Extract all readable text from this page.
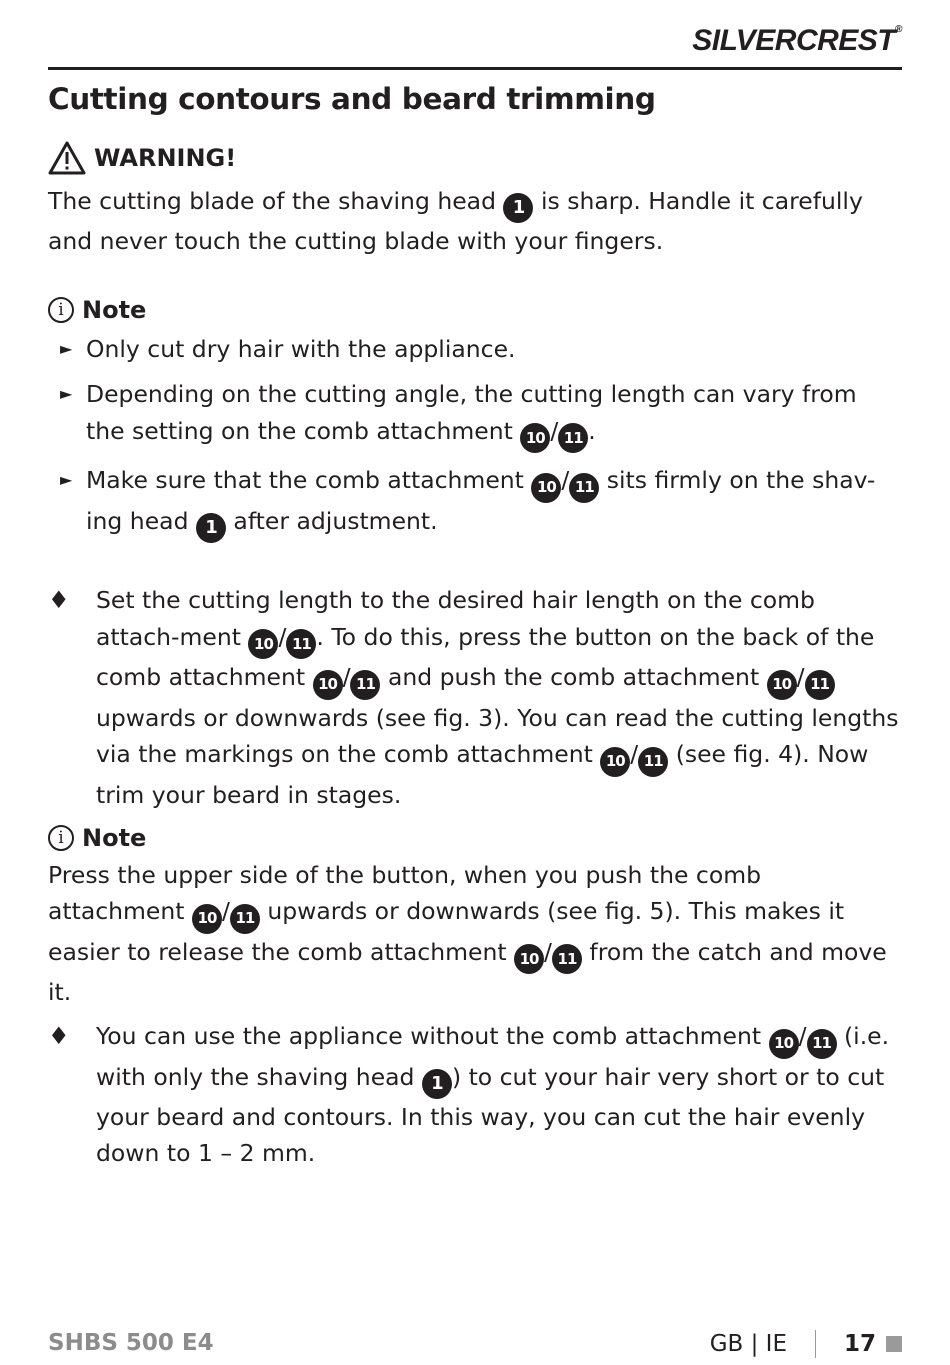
SILVERCREST®
Cutting contours and beard trimming
WARNING!

The cutting blade of the shaving head 1 is sharp. Handle it carefully and never touch the cutting blade with your fingers.

i Note
► Only cut dry hair with the appliance.
► Depending on the cutting angle, the cutting length can vary from the setting on the comb attachment 10 / 11 .
► Make sure that the comb attachment 10 / 11 sits firmly on the shav-ing head 1 after adjustment.

♦ Set the cutting length to the desired hair length on the comb attach-ment 10 / 11 . To do this, press the button on the back of the comb attachment 10 / 11 and push the comb attachment 10 / 11 upwards or downwards (see fig. 3). You can read the cutting lengths via the markings on the comb attachment 10 / 11 (see fig. 4). Now trim your beard in stages.

i Note

Press the upper side of the button, when you push the comb attachment 10 / 11 upwards or downwards (see fig. 5). This makes it easier to release the comb attachment 10 / 11 from the catch and move it.

♦ You can use the appliance without the comb attachment 10 / 11 (i.e. with only the shaving head 1 ) to cut your hair very short or to cut your beard and contours. In this way, you can cut the hair evenly down to 1 – 2 mm.

SHBS 500 E4	GB | IE 17
